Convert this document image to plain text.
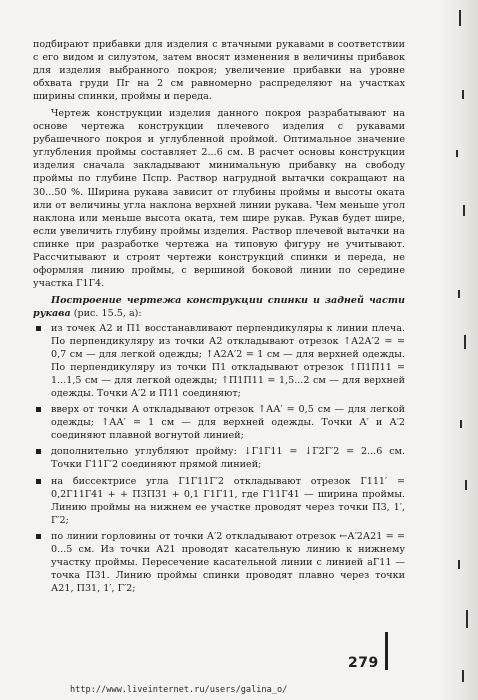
подбирают прибавки для изделия с втачными рукавами в соответствии с его видом и силуэтом, затем вносят изменения в величины прибавок для изделия выбранного покроя; увеличение прибавки на уровне обхвата груди Пг на 2 см равномерно распределяют на участках ширины спинки, проймы и переда.

Чертеж конструкции изделия данного покроя разрабатывают на основе чертежа конструкции плечевого изделия с рукавами рубашечного покроя и углубленной проймой. Оптимальное значение углубления проймы составляет 2...6 см. В расчет основы конструкции изделия сначала закладывают минимальную прибавку на свободу проймы по глубине Пспр. Раствор нагрудной вытачки сокращают на 30...50 %. Ширина рукава зависит от глубины проймы и высоты оката или от величины угла наклона верхней линии рукава. Чем меньше угол наклона или меньше высота оката, тем шире рукав. Рукав будет шире, если увеличить глубину проймы изделия. Раствор плечевой вытачки на спинке при разработке чертежа на типовую фигуру не учитывают. Рассчитывают и строят чертежи конструкций спинки и переда, не оформляя линию проймы, с вершиной боковой линии по середине участка Г1Г4.

Построение чертежа конструкции спинки и задней части рукава (рис. 15.5, а):

из точек А2 и П1 восстанавливают перпендикуляры к линии плеча. По перпендикуляру из точки А2 откладывают отрезок ↑А2А′2 = = 0,7 см — для легкой одежды; ↑А2А′2 = 1 см — для верхней одежды. По перпендикуляру из точки П1 откладывают отрезок ↑П1П11 = 1...1,5 см — для легкой одежды; ↑П1П11 = 1,5...2 см — для верхней одежды. Точки А′2 и П11 соединяют;
вверх от точки А откладывают отрезок ↑АА′ = 0,5 см — для легкой одежды; ↑АА′ = 1 см — для верхней одежды. Точки А′ и А′2 соединяют плавной вогнутой линией;
дополнительно углубляют пройму: ↓Г1Г11 = ↓Г2Г′2 = 2...6 см. Точки Г11Г′2 соединяют прямой линией;
на биссектрисе угла Г1Г11Г′2 откладывают отрезок Г111′ = 0,2Г11Г41 + + П3П31 + 0,1 Г1Г11, где Г11Г41 — ширина проймы. Линию проймы на нижнем ее участке проводят через точки П3, 1′, Г′2;
по линии горловины от точки А′2 откладывают отрезок ←А′2А21 = = 0...5 см. Из точки А21 проводят касательную линию к нижнему участку проймы. Пересечение касательной линии с линией аГ11 — точка П31. Линию проймы спинки проводят плавно через точки А21, П31, 1′, Г′2;
279
http://www.liveinternet.ru/users/galina_o/
